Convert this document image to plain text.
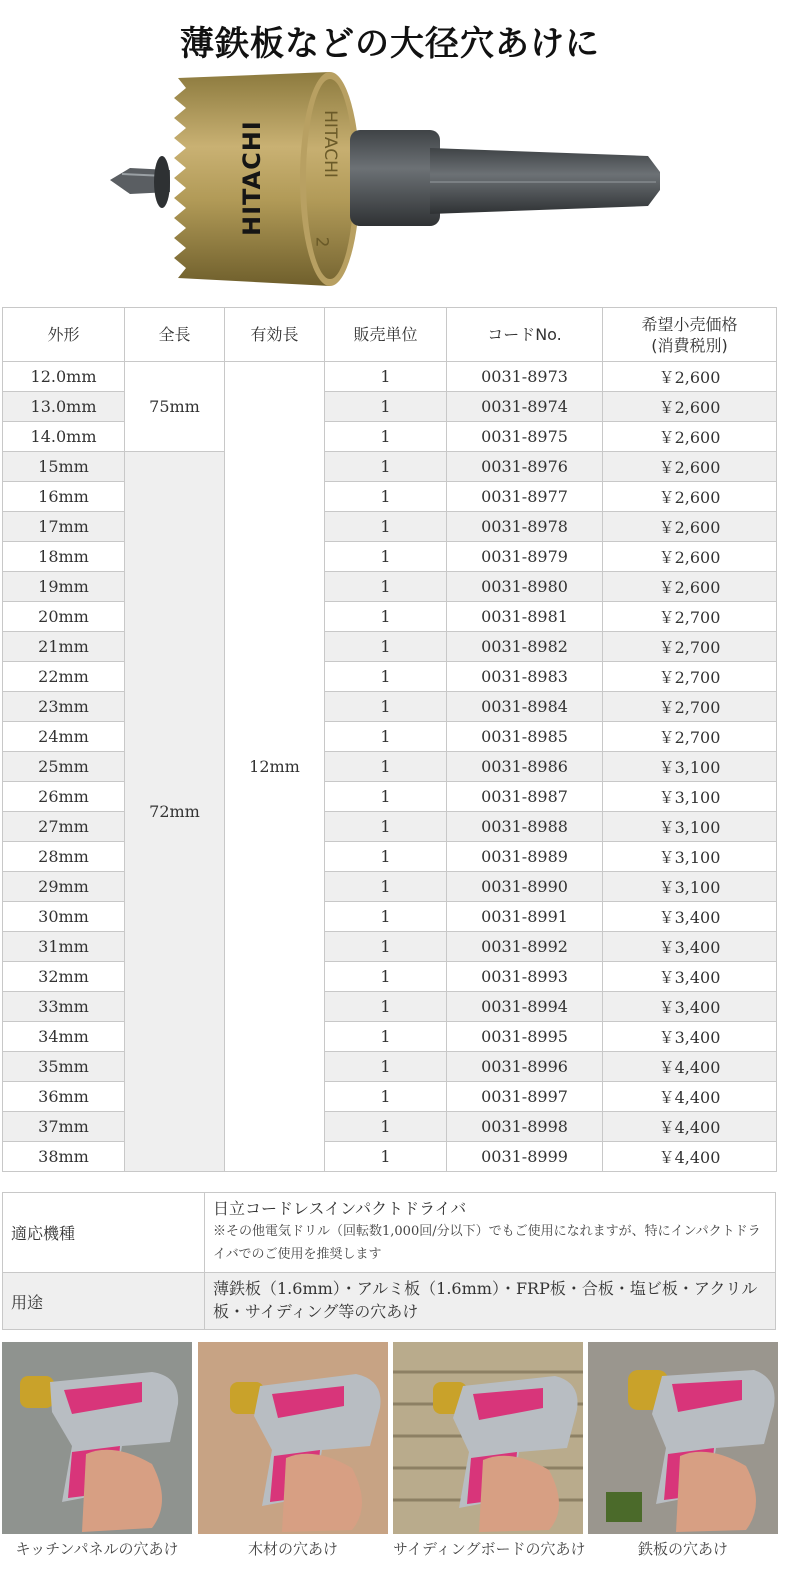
薄鉄板などの大径穴あけに
HITACHI	HITACHI
2
外形	全長	有効長	販売単位	コードNo.	希望小売価格
(消費税別)
12.0mm	75mm	12mm	1	0031-8973	￥2,600
13.0mm			1	0031-8974	￥2,600
14.0mm			1	0031-8975	￥2,600
15mm	72mm		1	0031-8976	￥2,600
16mm			1	0031-8977	￥2,600
17mm			1	0031-8978	￥2,600
18mm			1	0031-8979	￥2,600
19mm			1	0031-8980	￥2,600
20mm			1	0031-8981	￥2,700
21mm			1	0031-8982	￥2,700
22mm			1	0031-8983	￥2,700
23mm			1	0031-8984	￥2,700
24mm			1	0031-8985	￥2,700
25mm			1	0031-8986	￥3,100
26mm			1	0031-8987	￥3,100
27mm			1	0031-8988	￥3,100
28mm			1	0031-8989	￥3,100
29mm			1	0031-8990	￥3,100
30mm			1	0031-8991	￥3,400
31mm			1	0031-8992	￥3,400
32mm			1	0031-8993	￥3,400
33mm			1	0031-8994	￥3,400
34mm			1	0031-8995	￥3,400
35mm			1	0031-8996	￥4,400
36mm			1	0031-8997	￥4,400
37mm			1	0031-8998	￥4,400
38mm			1	0031-8999	￥4,400
適応機種	日立コードレスインパクトドライバ
※その他電気ドリル（回転数1,000回/分以下）でもご使用になれますが、特にインパクトドライバでのご使用を推奨します

用途	薄鉄板（1.6mm）・アルミ板（1.6mm）・FRP板・合板・塩ビ板・アクリル板・サイディング等の穴あけ
キッチンパネルの穴あけ	木材の穴あけ	サイディングボードの穴あけ	鉄板の穴あけ
